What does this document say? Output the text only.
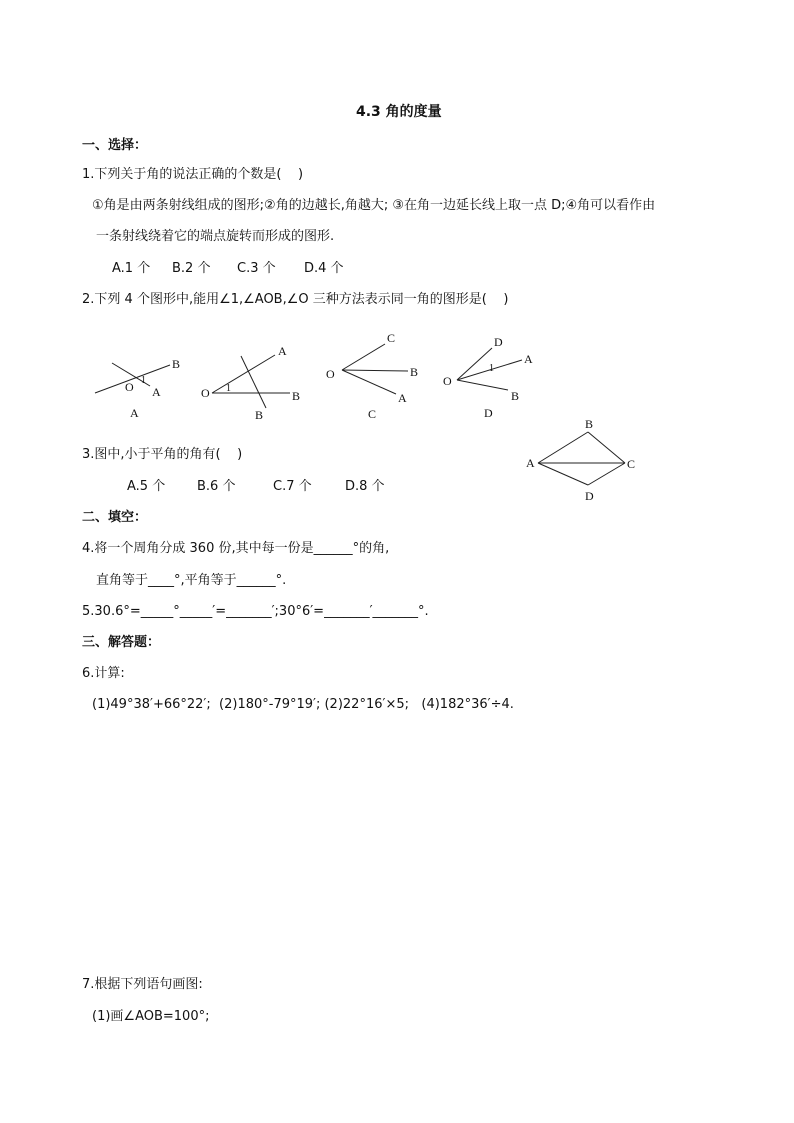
4.3 角的度量
一、选择：
1.下列关于角的说法正确的个数是(    )
①角是由两条射线组成的图形;②角的边越长,角越大; ③在角一边延长线上取一点 D;④角可以看作由
一条射线绕着它的端点旋转而形成的图形.
A.1 个 B.2 个 C.3 个 D.4 个
2.下列 4 个图形中,能用∠1,∠AOB,∠O 三种方法表示同一角的图形是(    )
B
O 1
A
A
A
O 1
B
B
C
O	B
A
C
D
A
O
1
B
D
3.图中,小于平角的角有(    )
A.5 个 B.6 个	C.7 个	D.8 个
B
A	C
D
二、填空：
4.将一个周角分成 360 份,其中每一份是______°的角,
直角等于____°,平角等于______°.
5.30.6°=_____°_____′=_______′;30°6′=_______′_______°.
三、解答题：
6.计算:
(1)49°38′+66°22′;  (2)180°-79°19′; (2)22°16′×5;   (4)182°36′÷4.
7.根据下列语句画图:
(1)画∠AOB=100°;
